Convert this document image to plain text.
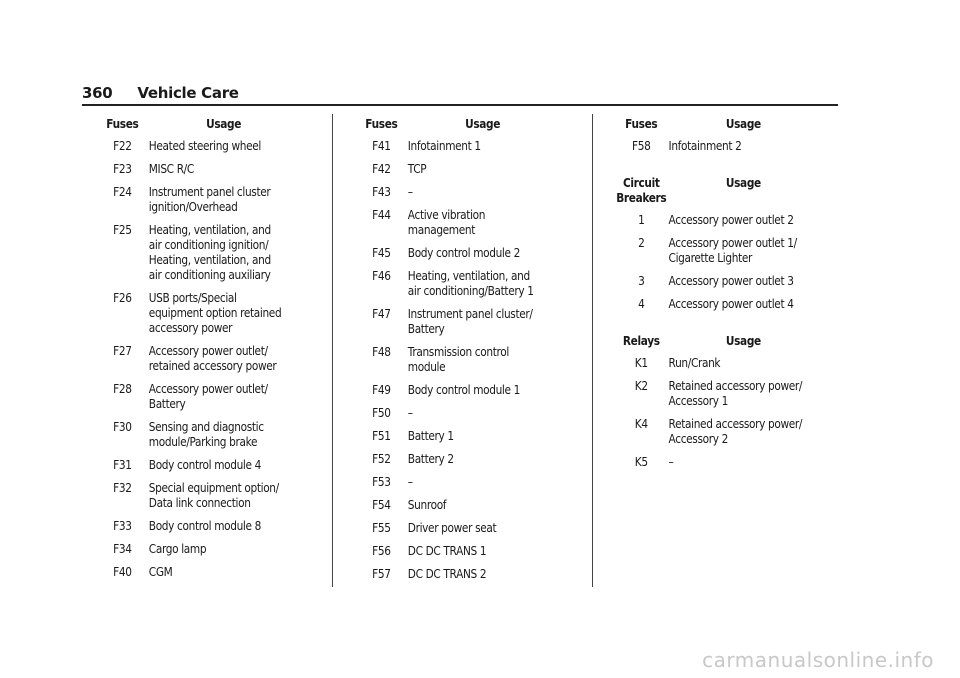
360 Vehicle Care
Fuses	Usage
F22	Heated steering wheel
F23	MISC R/C
F24	Instrument panel cluster
ignition/Overhead
F25	Heating, ventilation, and
air conditioning ignition/
Heating, ventilation, and
air conditioning auxiliary
F26	USB ports/Special
equipment option retained
accessory power
F27	Accessory power outlet/
retained accessory power
F28	Accessory power outlet/
Battery
F30	Sensing and diagnostic
module/Parking brake
F31	Body control module 4
F32	Special equipment option/
Data link connection
F33	Body control module 8
F34	Cargo lamp
F40	CGM
Fuses	Usage
F41	Infotainment 1
F42	TCP
F43	–
F44	Active vibration
management
F45	Body control module 2
F46	Heating, ventilation, and
air conditioning/Battery 1
F47	Instrument panel cluster/
Battery
F48	Transmission control
module
F49	Body control module 1
F50	–
F51	Battery 1
F52	Battery 2
F53	–
F54	Sunroof
F55	Driver power seat
F56	DC DC TRANS 1
F57	DC DC TRANS 2
Fuses	Usage
F58	Infotainment 2
Circuit
Breakers
Usage
1	Accessory power outlet 2
2	Accessory power outlet 1/
Cigarette Lighter
3	Accessory power outlet 3
4	Accessory power outlet 4
Relays	Usage
K1	Run/Crank
K2	Retained accessory power/
Accessory 1
K4	Retained accessory power/
Accessory 2
K5	–
carmanualsonline.info
